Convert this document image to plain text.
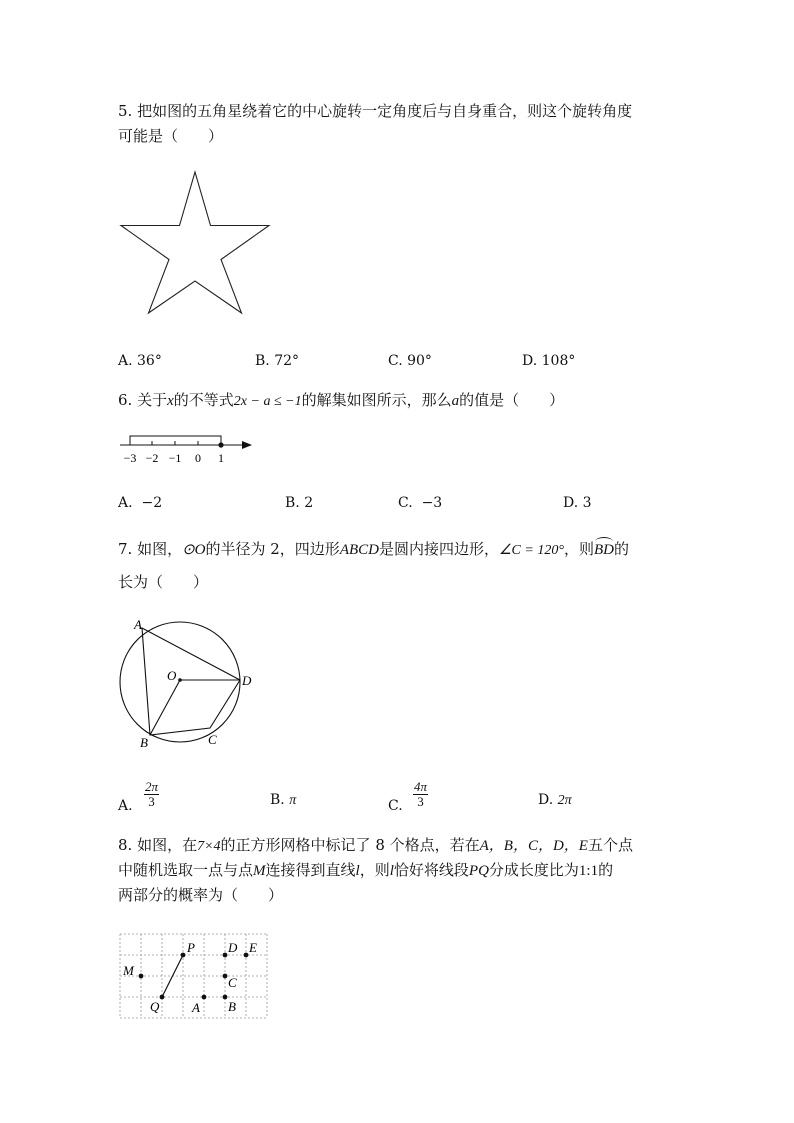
5. 把如图的五角星绕着它的中心旋转一定角度后与自身重合，则这个旋转角度
可能是（　　）
A. 36°	B. 72°	C. 90°	D. 108°
6. 关于x的不等式2x − a ≤ −1的解集如图所示，那么a的值是（　　）
−3 −2 −1 0 1
A.  −2	B. 2	C.  −3	D. 3
7. 如图，⊙O的半径为 2，四边形ABCD是圆内接四边形，∠C = 120°，则
BD的
长为（　　）
A
O	D
B	C
A. $\frac{2\pi}{3}$	B. π	C. $\frac{4\pi}{3}$	D. 2π
8. 如图，在7×4的正方形网格中标记了 8 个格点，若在A，B，C，D，E五个点
中随机选取一点与点M连接得到直线l，则l恰好将线段PQ分成长度比为1:1的
两部分的概率为（　　）
P	D E
M
C
Q	A B
